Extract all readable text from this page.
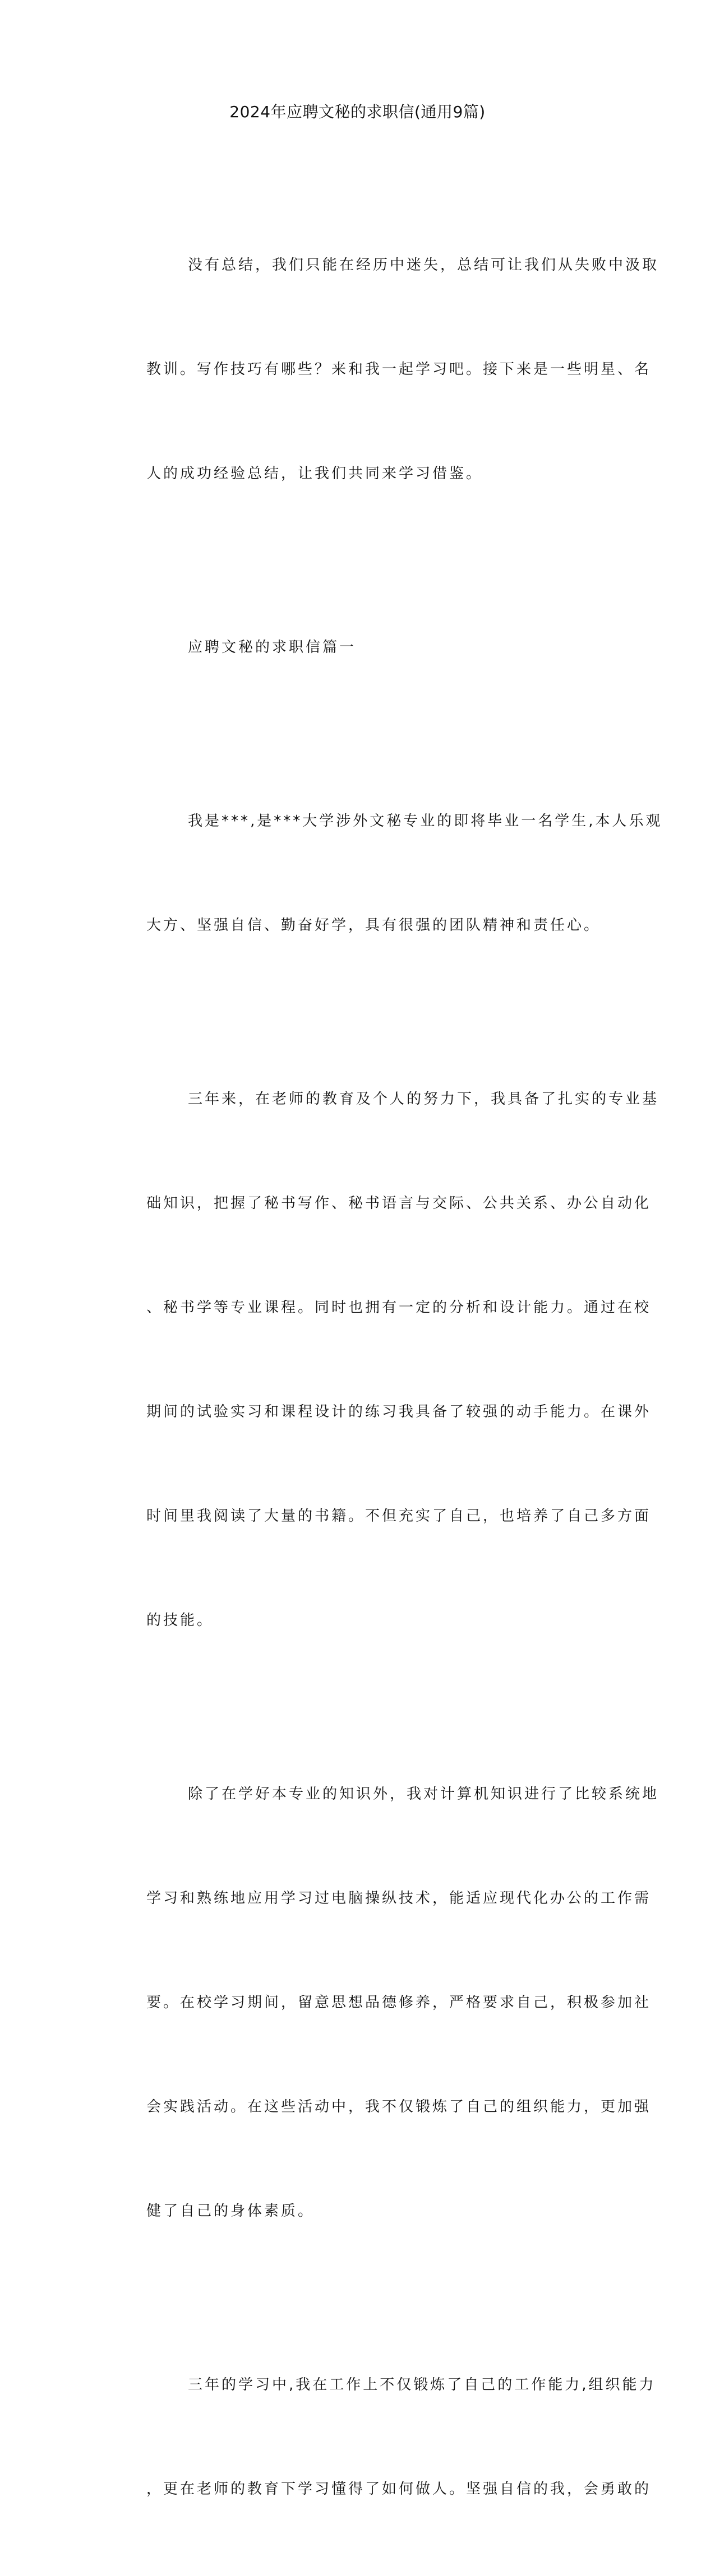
2024年应聘文秘的求职信(通用9篇)

没有总结，我们只能在经历中迷失，总结可让我们从失败中汲取

教训。写作技巧有哪些？来和我一起学习吧。接下来是一些明星、名

人的成功经验总结，让我们共同来学习借鉴。

应聘文秘的求职信篇一

我是***,是***大学涉外文秘专业的即将毕业一名学生,本人乐观

大方、坚强自信、勤奋好学，具有很强的团队精神和责任心。

三年来，在老师的教育及个人的努力下，我具备了扎实的专业基

础知识，把握了秘书写作、秘书语言与交际、公共关系、办公自动化

、秘书学等专业课程。同时也拥有一定的分析和设计能力。通过在校

期间的试验实习和课程设计的练习我具备了较强的动手能力。在课外

时间里我阅读了大量的书籍。不但充实了自己，也培养了自己多方面

的技能。

除了在学好本专业的知识外，我对计算机知识进行了比较系统地

学习和熟练地应用学习过电脑操纵技术，能适应现代化办公的工作需

要。在校学习期间，留意思想品德修养，严格要求自己，积极参加社

会实践活动。在这些活动中，我不仅锻炼了自己的组织能力，更加强

健了自己的身体素质。

三年的学习中,我在工作上不仅锻炼了自己的工作能力,组织能力

，更在老师的教育下学习懂得了如何做人。坚强自信的我，会勇敢的
